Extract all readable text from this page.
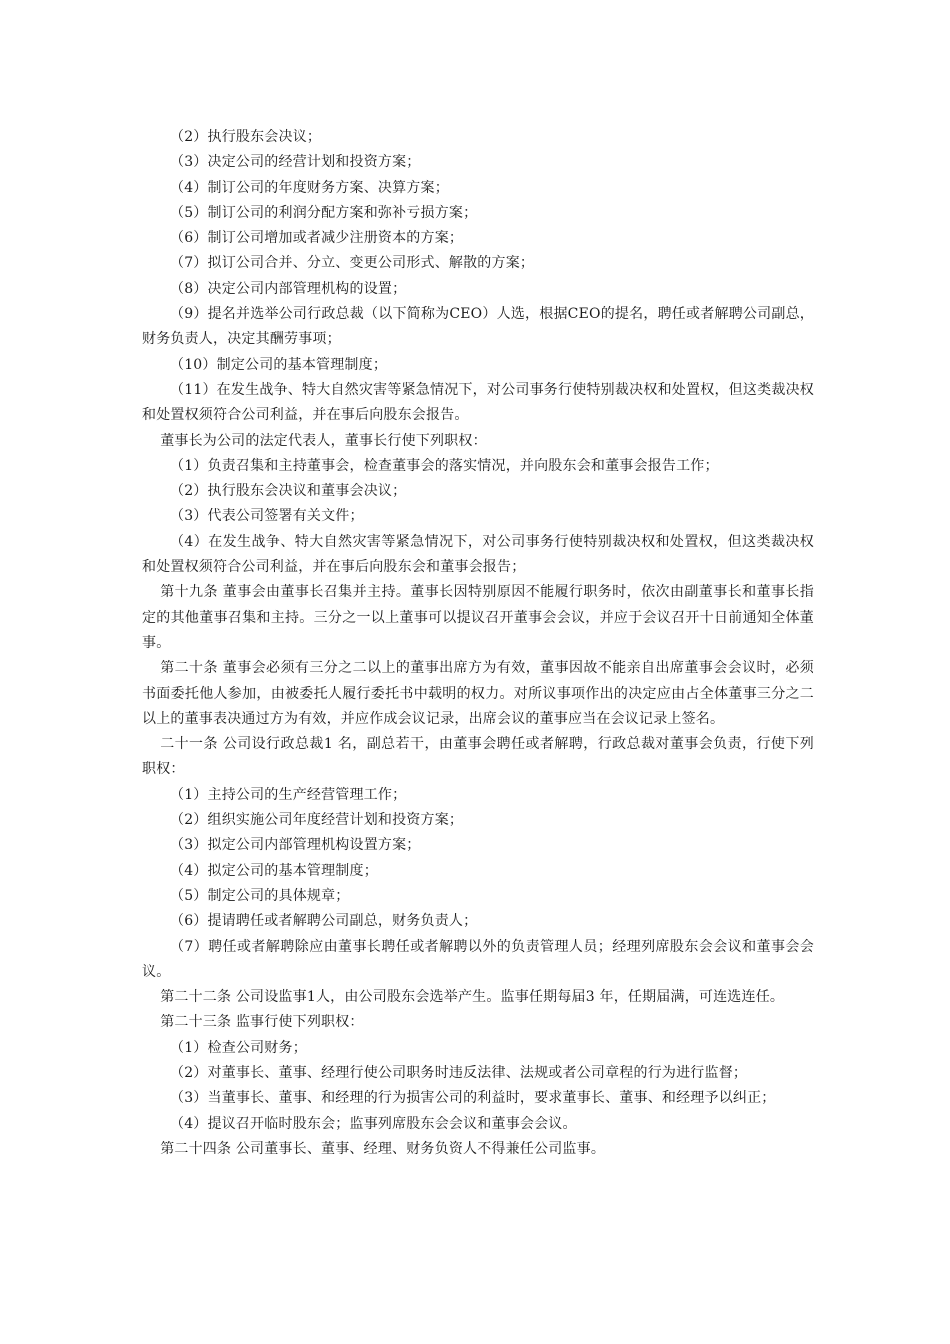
（2）执行股东会决议；

（3）决定公司的经营计划和投资方案；

（4）制订公司的年度财务方案、决算方案；

（5）制订公司的利润分配方案和弥补亏损方案；

（6）制订公司增加或者减少注册资本的方案；

（7）拟订公司合并、分立、变更公司形式、解散的方案；

（8）决定公司内部管理机构的设置；

（9）提名并选举公司行政总裁（以下简称为CEO）人选，根据CEO的提名，聘任或者解聘公司副总，财务负责人，决定其酬劳事项；

（10）制定公司的基本管理制度；

（11）在发生战争、特大自然灾害等紧急情况下，对公司事务行使特别裁决权和处置权，但这类裁决权和处置权须符合公司利益，并在事后向股东会报告。

董事长为公司的法定代表人，董事长行使下列职权：

（1）负责召集和主持董事会，检查董事会的落实情况，并向股东会和董事会报告工作；

（2）执行股东会决议和董事会决议；

（3）代表公司签署有关文件；

（4）在发生战争、特大自然灾害等紧急情况下，对公司事务行使特别裁决权和处置权，但这类裁决权和处置权须符合公司利益，并在事后向股东会和董事会报告；

第十九条 董事会由董事长召集并主持。董事长因特别原因不能履行职务时，依次由副董事长和董事长指定的其他董事召集和主持。三分之一以上董事可以提议召开董事会会议，并应于会议召开十日前通知全体董事。

第二十条 董事会必须有三分之二以上的董事出席方为有效，董事因故不能亲自出席董事会会议时，必须书面委托他人参加，由被委托人履行委托书中载明的权力。对所议事项作出的决定应由占全体董事三分之二以上的董事表决通过方为有效，并应作成会议记录，出席会议的董事应当在会议记录上签名。

二十一条 公司设行政总裁1 名，副总若干，由董事会聘任或者解聘，行政总裁对董事会负责，行使下列职权：

（1）主持公司的生产经营管理工作；

（2）组织实施公司年度经营计划和投资方案；

（3）拟定公司内部管理机构设置方案；

（4）拟定公司的基本管理制度；

（5）制定公司的具体规章；

（6）提请聘任或者解聘公司副总，财务负责人；

（7）聘任或者解聘除应由董事长聘任或者解聘以外的负责管理人员；经理列席股东会会议和董事会会议。

第二十二条 公司设监事1人，由公司股东会选举产生。监事任期每届3 年，任期届满，可连选连任。

第二十三条 监事行使下列职权：

（1）检查公司财务；

（2）对董事长、董事、经理行使公司职务时违反法律、法规或者公司章程的行为进行监督；

（3）当董事长、董事、和经理的行为损害公司的利益时，要求董事长、董事、和经理予以纠正；

（4）提议召开临时股东会；监事列席股东会会议和董事会会议。

第二十四条 公司董事长、董事、经理、财务负资人不得兼任公司监事。
